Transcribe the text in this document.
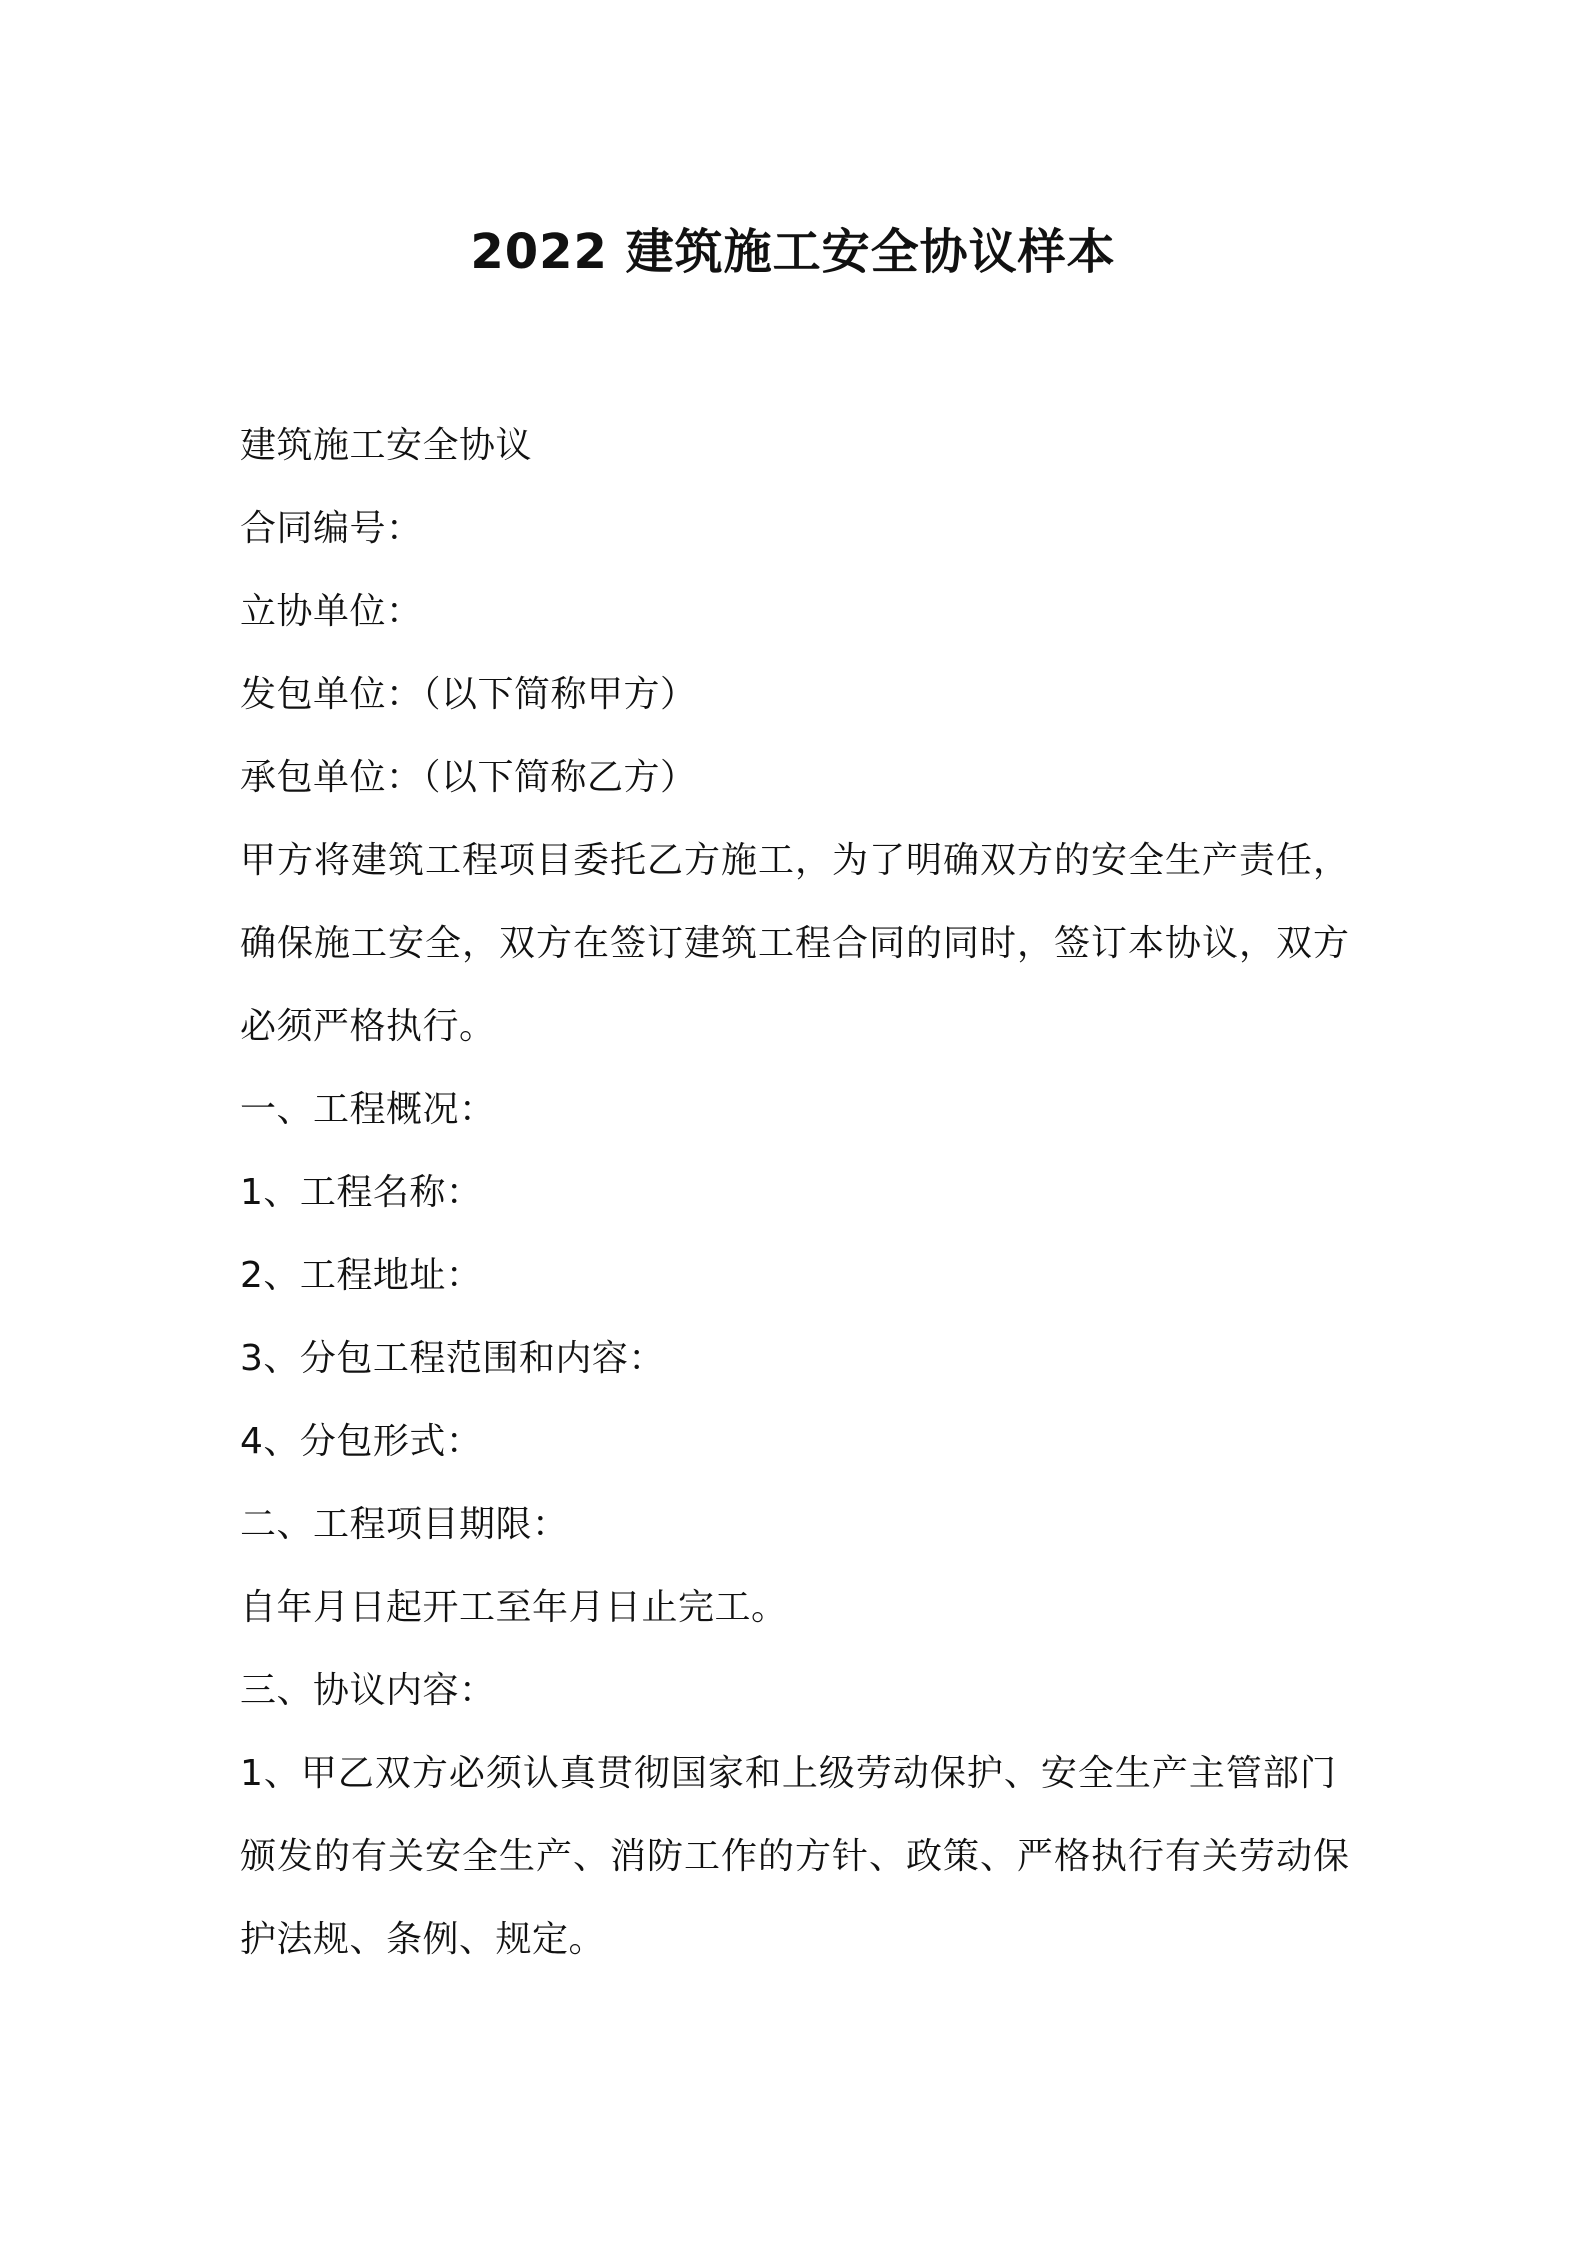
2022 建筑施工安全协议样本
建筑施工安全协议
合同编号：
立协单位：
发包单位：（以下简称甲方）
承包单位：（以下简称乙方）
甲方将建筑工程项目委托乙方施工，为了明确双方的安全生产责任，
确保施工安全，双方在签订建筑工程合同的同时，签订本协议，双方
必须严格执行。
一、工程概况：
1、工程名称：
2、工程地址：
3、分包工程范围和内容：
4、分包形式：
二、工程项目期限：
自年月日起开工至年月日止完工。
三、协议内容：
1、甲乙双方必须认真贯彻国家和上级劳动保护、安全生产主管部门
颁发的有关安全生产、消防工作的方针、政策、严格执行有关劳动保
护法规、条例、规定。
